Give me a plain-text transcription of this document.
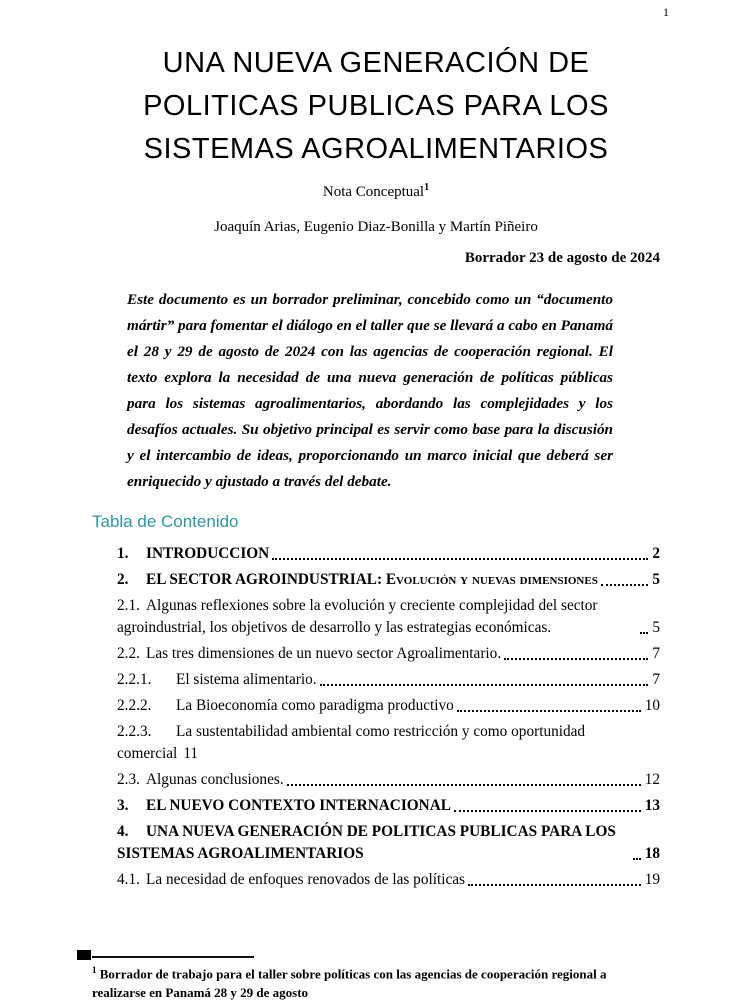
1
UNA NUEVA GENERACIÓN DE
POLITICAS PUBLICAS PARA LOS
SISTEMAS AGROALIMENTARIOS
Nota Conceptual$^1$
Joaquín Arias, Eugenio Diaz-Bonilla y Martín Piñeiro
Borrador 23 de agosto de 2024

Este documento es un borrador preliminar, concebido como un “documento mártir” para fomentar el diálogo en el taller que se llevará a cabo en Panamá el 28 y 29 de agosto de 2024 con las agencias de cooperación regional. El texto explora la necesidad de una nueva generación de políticas públicas para los sistemas agroalimentarios, abordando las complejidades y los desafíos actuales. Su objetivo principal es servir como base para la discusión y el intercambio de ideas, proporcionando un marco inicial que deberá ser enriquecido y ajustado a través del debate.

Tabla de Contenido
1. INTRODUCCION	2
2. EL SECTOR AGROINDUSTRIAL: Evolución y nuevas dimensiones	5
2.1. Algunas reflexiones sobre la evolución y creciente complejidad del sector agroindustrial, los objetivos de desarrollo y las estrategias económicas.	5
2.2. Las tres dimensiones de un nuevo sector Agroalimentario.	7
2.2.1. El sistema alimentario.	7
2.2.2. La Bioeconomía como paradigma productivo	10
2.2.3. La sustentabilidad ambiental como restricción y como oportunidad comercial 11
2.3. Algunas conclusiones.	12
3. EL NUEVO CONTEXTO INTERNACIONAL	13
4. UNA NUEVA GENERACIÓN DE POLITICAS PUBLICAS PARA LOS SISTEMAS AGROALIMENTARIOS	18
4.1. La necesidad de enfoques renovados de las políticas	19
$^1$ Borrador de trabajo para el taller sobre políticas con las agencias de cooperación regional a realizarse en Panamá 28 y 29 de agosto
